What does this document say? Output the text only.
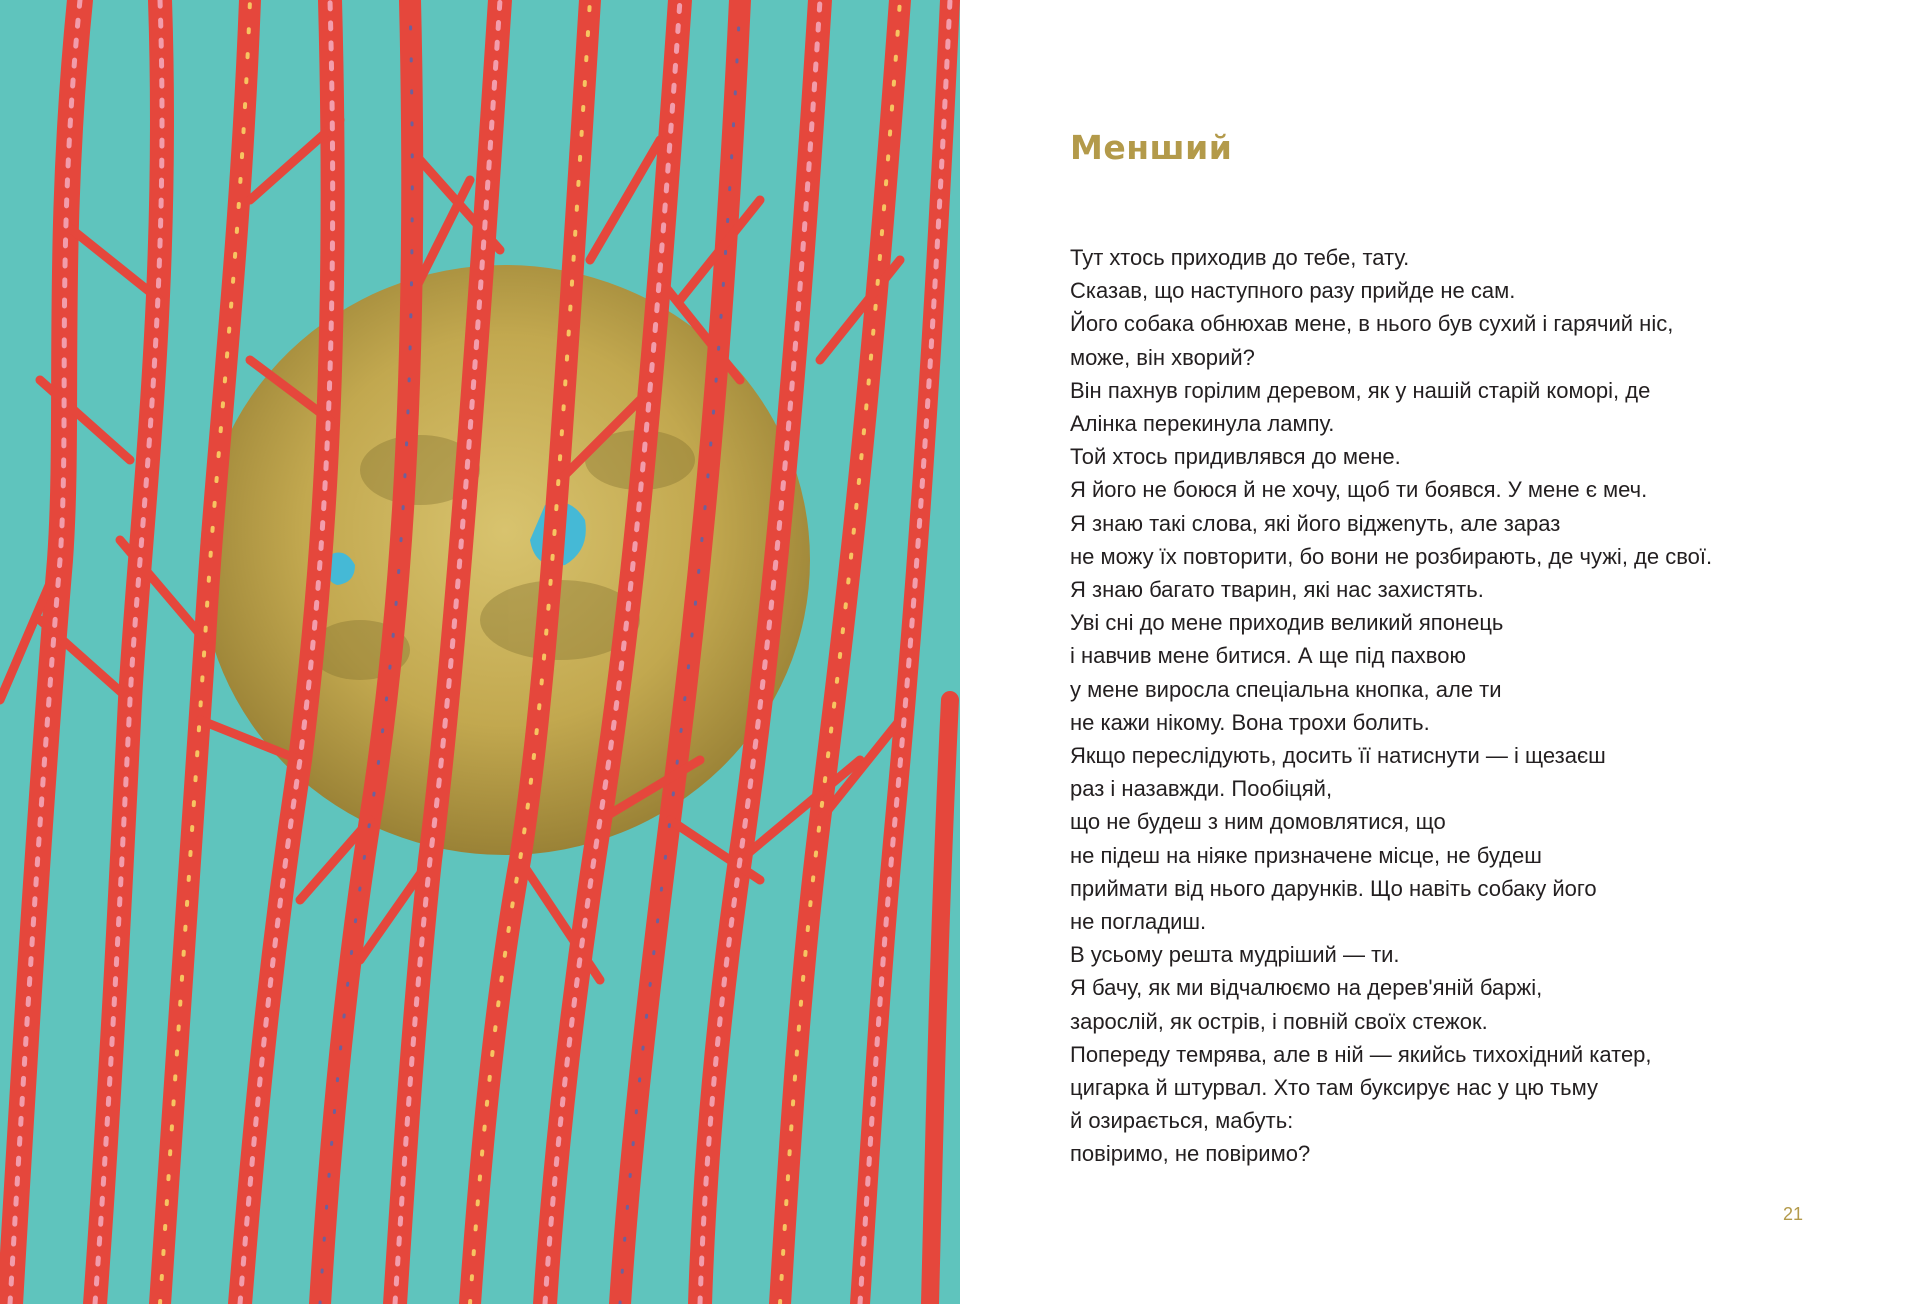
Менший
Тут хтось приходив до тебе, тату.
Сказав, що наступного разу прийде не сам.
Його собака обнюхав мене, в нього був сухий і гарячий ніс,
може, він хворий?
Він пахнув горілим деревом, як у нашій старій коморі, де
Алінка перекинула лампу.
Той хтось придивлявся до мене.
Я його не боюся й не хочу, щоб ти боявся. У мене є меч.
Я знаю такі слова, які його віджenуть, але зараз
не можу їх повторити, бо вони не розбирають, де чужі, де свої.
Я знаю багато тварин, які нас захистять.
Уві сні до мене приходив великий японець
і навчив мене битися. А ще під пахвою
у мене виросла спеціальна кнопка, але ти
не кажи нікому. Вона трохи болить.
Якщо переслідують, досить її натиснути — і щезаєш
раз і назавжди. Пообіцяй,
що не будеш з ним домовлятися, що
не підеш на ніяке призначене місце, не будеш
приймати від нього дарунків. Що навіть собаку його
не погладиш.
В усьому решта мудріший — ти.
Я бачу, як ми відчалюємо на дерев'яній баржі,
зарослій, як острів, і повній своїх стежок.
Попереду темрява, але в ній — якийсь тихохідний катер,
цигарка й штурвал. Хто там буксирує нас у цю тьму
й озирається, мабуть:
повіримо, не повіримо?
21
